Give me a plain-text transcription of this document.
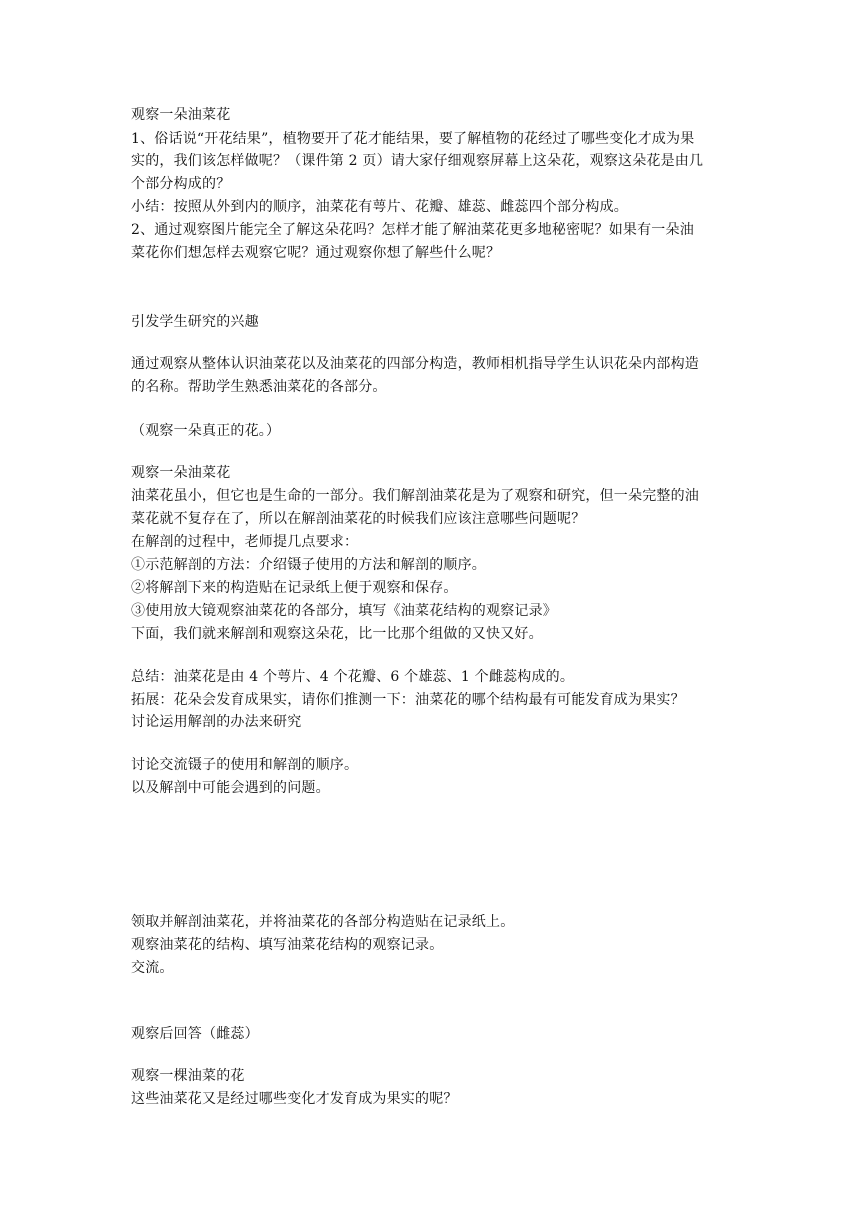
观察一朵油菜花
1、俗话说“开花结果”，植物要开了花才能结果，要了解植物的花经过了哪些变化才成为果
实的，我们该怎样做呢？（课件第 2 页）请大家仔细观察屏幕上这朵花，观察这朵花是由几
个部分构成的？
小结：按照从外到内的顺序，油菜花有萼片、花瓣、雄蕊、雌蕊四个部分构成。
2、通过观察图片能完全了解这朵花吗？怎样才能了解油菜花更多地秘密呢？如果有一朵油
菜花你们想怎样去观察它呢？通过观察你想了解些什么呢？
引发学生研究的兴趣
通过观察从整体认识油菜花以及油菜花的四部分构造，教师相机指导学生认识花朵内部构造
的名称。帮助学生熟悉油菜花的各部分。
（观察一朵真正的花。）
观察一朵油菜花
油菜花虽小，但它也是生命的一部分。我们解剖油菜花是为了观察和研究，但一朵完整的油
菜花就不复存在了，所以在解剖油菜花的时候我们应该注意哪些问题呢？
在解剖的过程中，老师提几点要求：
①示范解剖的方法：介绍镊子使用的方法和解剖的顺序。
②将解剖下来的构造贴在记录纸上便于观察和保存。
③使用放大镜观察油菜花的各部分，填写《油菜花结构的观察记录》
下面，我们就来解剖和观察这朵花，比一比那个组做的又快又好。
总结：油菜花是由 4 个萼片、4 个花瓣、6 个雄蕊、1 个雌蕊构成的。
拓展：花朵会发育成果实，请你们推测一下：油菜花的哪个结构最有可能发育成为果实？
讨论运用解剖的办法来研究
讨论交流镊子的使用和解剖的顺序。
以及解剖中可能会遇到的问题。
领取并解剖油菜花，并将油菜花的各部分构造贴在记录纸上。
观察油菜花的结构、填写油菜花结构的观察记录。
交流。
观察后回答（雌蕊）
观察一棵油菜的花
这些油菜花又是经过哪些变化才发育成为果实的呢？
